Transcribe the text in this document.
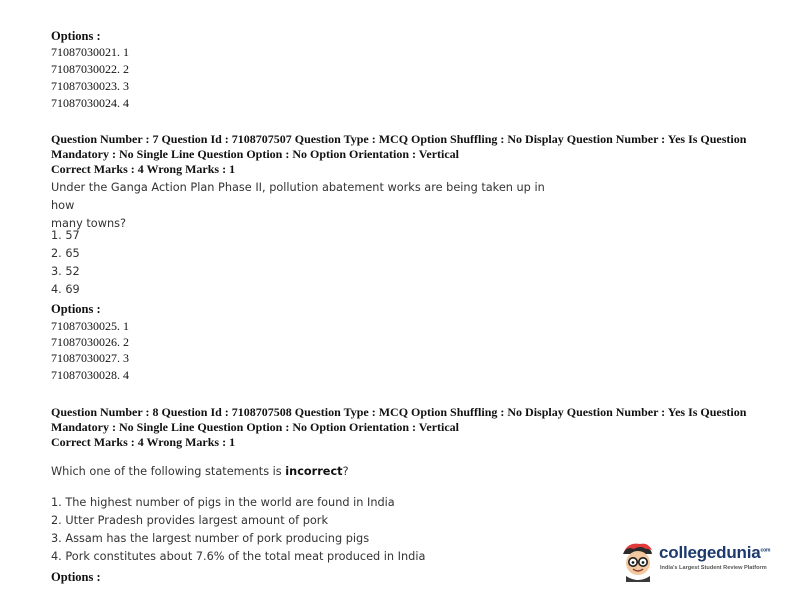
Options :
71087030021. 1
71087030022. 2
71087030023. 3
71087030024. 4
Question Number : 7 Question Id : 7108707507 Question Type : MCQ Option Shuffling : No Display Question Number : Yes Is Question
Mandatory : No Single Line Question Option : No Option Orientation : Vertical
Correct Marks : 4 Wrong Marks : 1
Under the Ganga Action Plan Phase II, pollution abatement works are being taken up in how
many towns?
1. 57
2. 65
3. 52
4. 69
Options :
71087030025. 1
71087030026. 2
71087030027. 3
71087030028. 4
Question Number : 8 Question Id : 7108707508 Question Type : MCQ Option Shuffling : No Display Question Number : Yes Is Question
Mandatory : No Single Line Question Option : No Option Orientation : Vertical
Correct Marks : 4 Wrong Marks : 1
Which one of the following statements is incorrect?
1. The highest number of pigs in the world are found in India
2. Utter Pradesh provides largest amount of pork
3. Assam has the largest number of pork producing pigs
4. Pork constitutes about 7.6% of the total meat produced in India
Options :
collegedunia$^{com}$
India's Largest Student Review Platform
